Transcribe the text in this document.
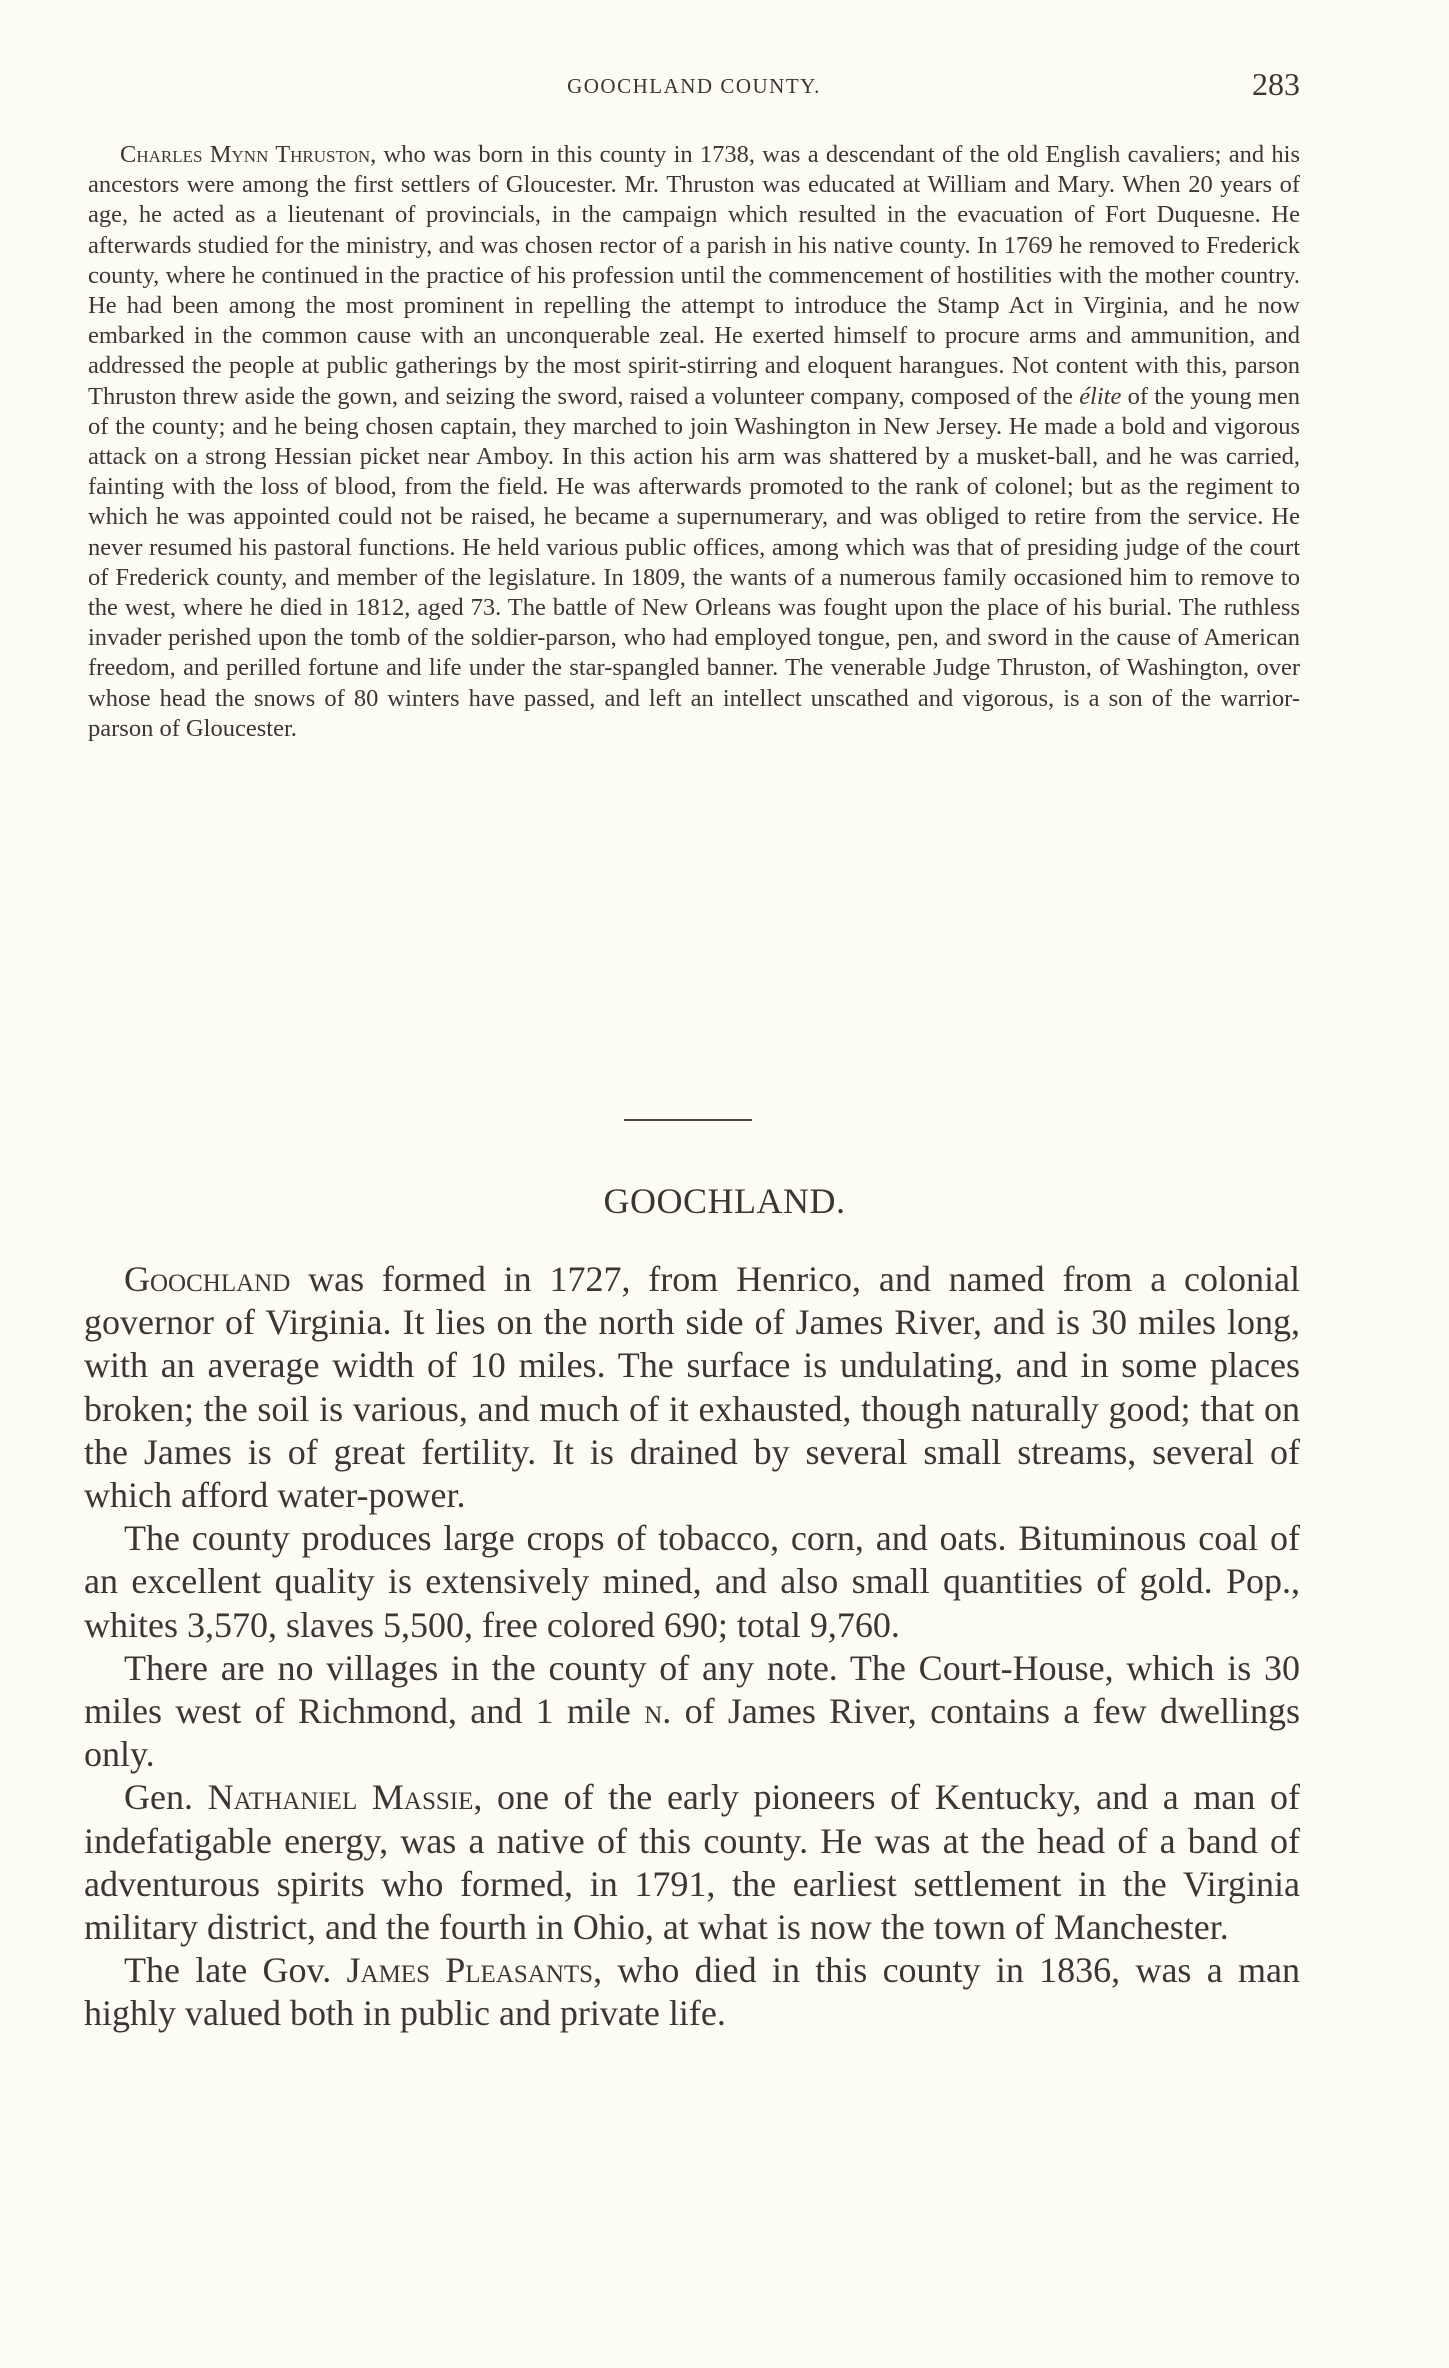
GOOCHLAND COUNTY.	283

Charles Mynn Thruston, who was born in this county in 1738, was a descendant of the old English cavaliers; and his ancestors were among the first settlers of Gloucester. Mr. Thruston was educated at William and Mary. When 20 years of age, he acted as a lieutenant of provincials, in the campaign which resulted in the evacuation of Fort Duquesne. He afterwards studied for the ministry, and was chosen rector of a parish in his native county. In 1769 he removed to Frederick county, where he continued in the practice of his profession until the commencement of hostilities with the mother country. He had been among the most prominent in repelling the attempt to introduce the Stamp Act in Virginia, and he now embarked in the common cause with an unconquerable zeal. He exerted himself to procure arms and ammunition, and addressed the people at public gatherings by the most spirit-stirring and eloquent harangues. Not content with this, parson Thruston threw aside the gown, and seizing the sword, raised a volunteer company, composed of the élite of the young men of the county; and he being chosen captain, they marched to join Washington in New Jersey. He made a bold and vigorous attack on a strong Hessian picket near Amboy. In this action his arm was shattered by a musket-ball, and he was carried, fainting with the loss of blood, from the field. He was afterwards promoted to the rank of colonel; but as the regiment to which he was appointed could not be raised, he became a supernumerary, and was obliged to retire from the service. He never resumed his pastoral functions. He held various public offices, among which was that of presiding judge of the court of Frederick county, and member of the legislature. In 1809, the wants of a numerous family occasioned him to remove to the west, where he died in 1812, aged 73. The battle of New Orleans was fought upon the place of his burial. The ruthless invader perished upon the tomb of the soldier-parson, who had employed tongue, pen, and sword in the cause of American freedom, and perilled fortune and life under the star-spangled banner. The venerable Judge Thruston, of Washington, over whose head the snows of 80 winters have passed, and left an intellect unscathed and vigorous, is a son of the warrior-parson of Gloucester.

GOOCHLAND.

Goochland was formed in 1727, from Henrico, and named from a colonial governor of Virginia. It lies on the north side of James River, and is 30 miles long, with an average width of 10 miles. The surface is undulating, and in some places broken; the soil is various, and much of it exhausted, though naturally good; that on the James is of great fertility. It is drained by several small streams, several of which afford water-power.

The county produces large crops of tobacco, corn, and oats. Bituminous coal of an excellent quality is extensively mined, and also small quantities of gold. Pop., whites 3,570, slaves 5,500, free colored 690; total 9,760.

There are no villages in the county of any note. The Court-House, which is 30 miles west of Richmond, and 1 mile n. of James River, contains a few dwellings only.

Gen. Nathaniel Massie, one of the early pioneers of Kentucky, and a man of indefatigable energy, was a native of this county. He was at the head of a band of adventurous spirits who formed, in 1791, the earliest settlement in the Virginia military district, and the fourth in Ohio, at what is now the town of Manchester.

The late Gov. James Pleasants, who died in this county in 1836, was a man highly valued both in public and private life.
